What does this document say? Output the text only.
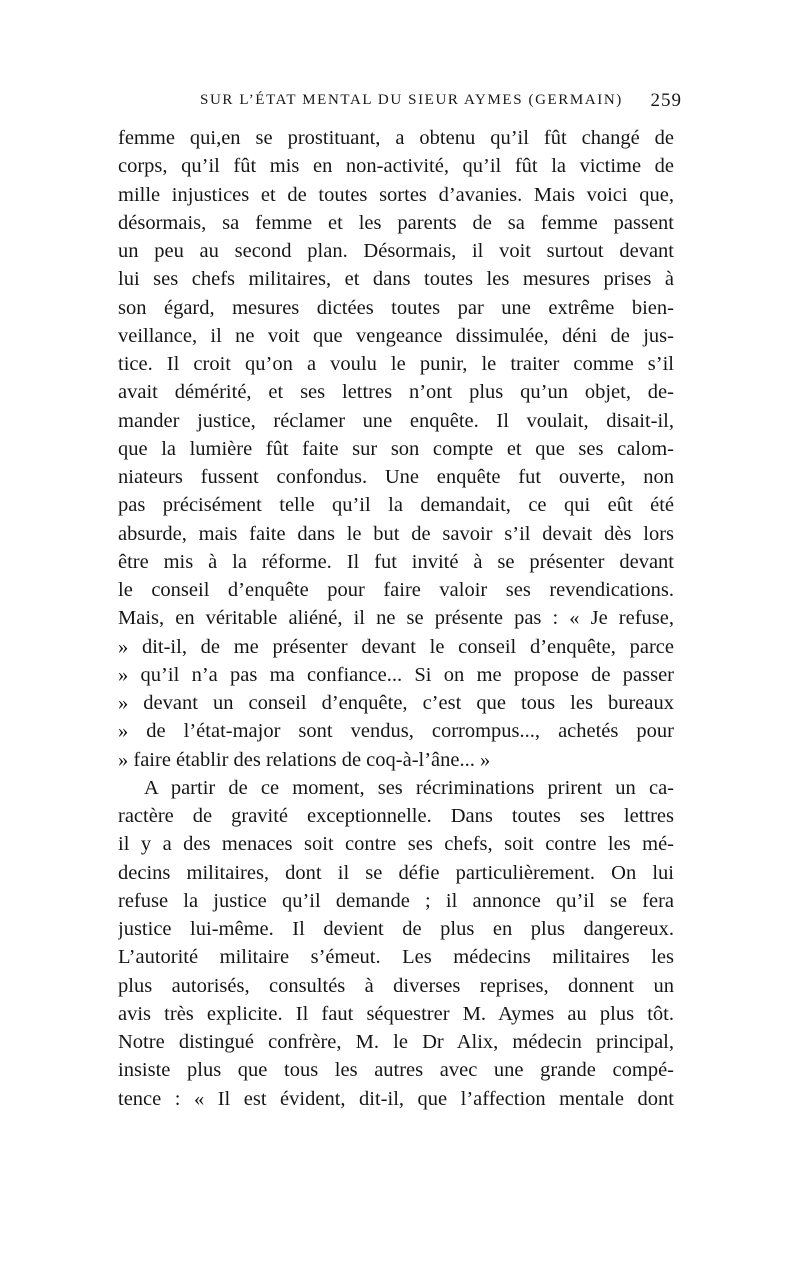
SUR L’ÉTAT MENTAL DU SIEUR AYMES (GERMAIN) 259
femme qui,en se prostituant, a obtenu qu’il fût changé de
corps, qu’il fût mis en non-activité, qu’il fût la victime de
mille injustices et de toutes sortes d’avanies. Mais voici que,
désormais, sa femme et les parents de sa femme passent
un peu au second plan. Désormais, il voit surtout devant
lui ses chefs militaires, et dans toutes les mesures prises à
son égard, mesures dictées toutes par une extrême bien-
veillance, il ne voit que vengeance dissimulée, déni de jus-
tice. Il croit qu’on a voulu le punir, le traiter comme s’il
avait démérité, et ses lettres n’ont plus qu’un objet, de-
mander justice, réclamer une enquête. Il voulait, disait-il,
que la lumière fût faite sur son compte et que ses calom-
niateurs fussent confondus. Une enquête fut ouverte, non
pas précisément telle qu’il la demandait, ce qui eût été
absurde, mais faite dans le but de savoir s’il devait dès lors
être mis à la réforme. Il fut invité à se présenter devant
le conseil d’enquête pour faire valoir ses revendications.
Mais, en véritable aliéné, il ne se présente pas : « Je refuse,
» dit-il, de me présenter devant le conseil d’enquête, parce
» qu’il n’a pas ma confiance... Si on me propose de passer
» devant un conseil d’enquête, c’est que tous les bureaux
» de l’état-major sont vendus, corrompus..., achetés pour
» faire établir des relations de coq-à-l’âne... »
A partir de ce moment, ses récriminations prirent un ca-
ractère de gravité exceptionnelle. Dans toutes ses lettres
il y a des menaces soit contre ses chefs, soit contre les mé-
decins militaires, dont il se défie particulièrement. On lui
refuse la justice qu’il demande ; il annonce qu’il se fera
justice lui-même. Il devient de plus en plus dangereux.
L’autorité militaire s’émeut. Les médecins militaires les
plus autorisés, consultés à diverses reprises, donnent un
avis très explicite. Il faut séquestrer M. Aymes au plus tôt.
Notre distingué confrère, M. le Dr Alix, médecin principal,
insiste plus que tous les autres avec une grande compé-
tence : « Il est évident, dit-il, que l’affection mentale dont
